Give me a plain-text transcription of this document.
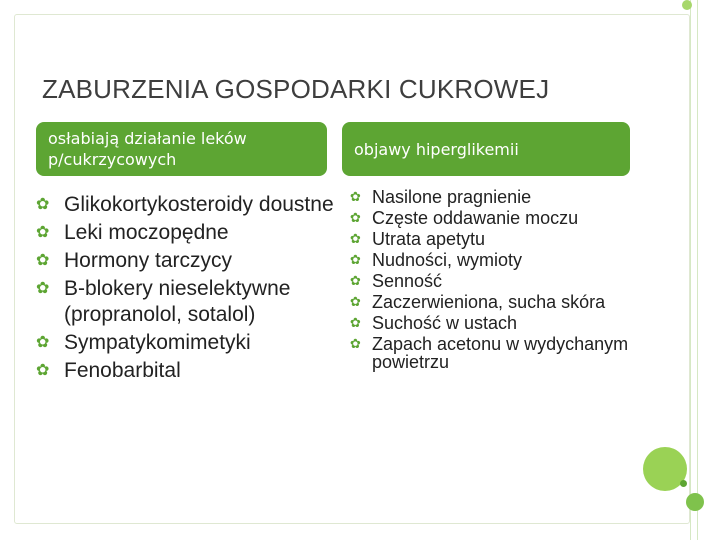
ZABURZENIA GOSPODARKI CUKROWEJ
osłabiają działanie leków p/cukrzycowych
objawy hiperglikemii
✿ Glikokortykosteroidy doustne
✿ Leki moczopędne
✿ Hormony tarczycy
✿ B-blokery nieselektywne (propranolol, sotalol)
✿ Sympatykomimetyki
✿ Fenobarbital
✿ Nasilone pragnienie
✿ Częste oddawanie moczu
✿ Utrata apetytu
✿ Nudności, wymioty
✿ Senność
✿ Zaczerwieniona, sucha skóra
✿ Suchość w ustach
✿ Zapach acetonu w wydychanym powietrzu
